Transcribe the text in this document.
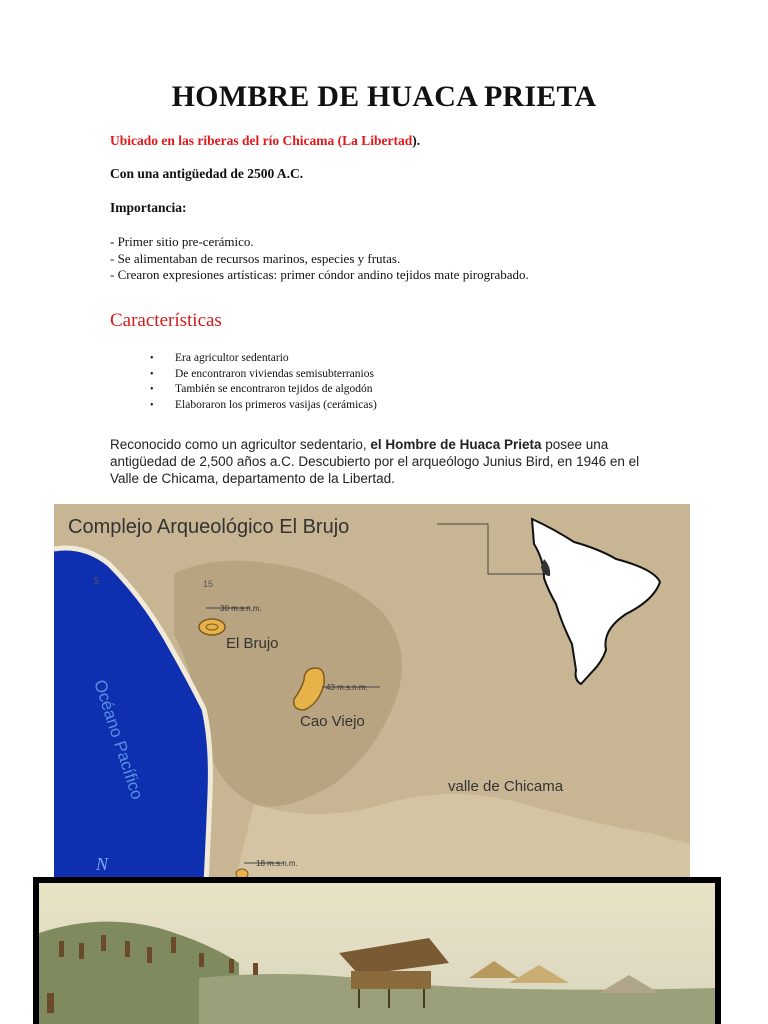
HOMBRE DE HUACA PRIETA

Ubicado en las riberas del río Chicama (La Libertad).

Con una antigüedad de 2500 A.C.

Importancia:

- Primer sitio pre-cerámico.
- Se alimentaban de recursos marinos, especies y frutas.
- Crearon expresiones artísticas: primer cóndor andino tejidos mate pirograbado.
Características
• Era agricultor sedentario
• De encontraron viviendas semisubterranios
• También se encontraron tejidos de algodón
• Elaboraron los primeros vasijas (cerámicas)

Reconocido como un agricultor sedentario, el Hombre de Huaca Prieta posee una antigüedad de 2,500 años a.C. Descubierto por el arqueólogo Junius Bird, en 1946 en el Valle de Chicama, departamento de la Libertad.

Complejo Arqueológico El Brujo
5	15
30 m.s.n.m.
El Brujo
43 m.s.n.m.
Cao Viejo
valle de Chicama
Océano Pacífico
N	18 m.s.n.m.
